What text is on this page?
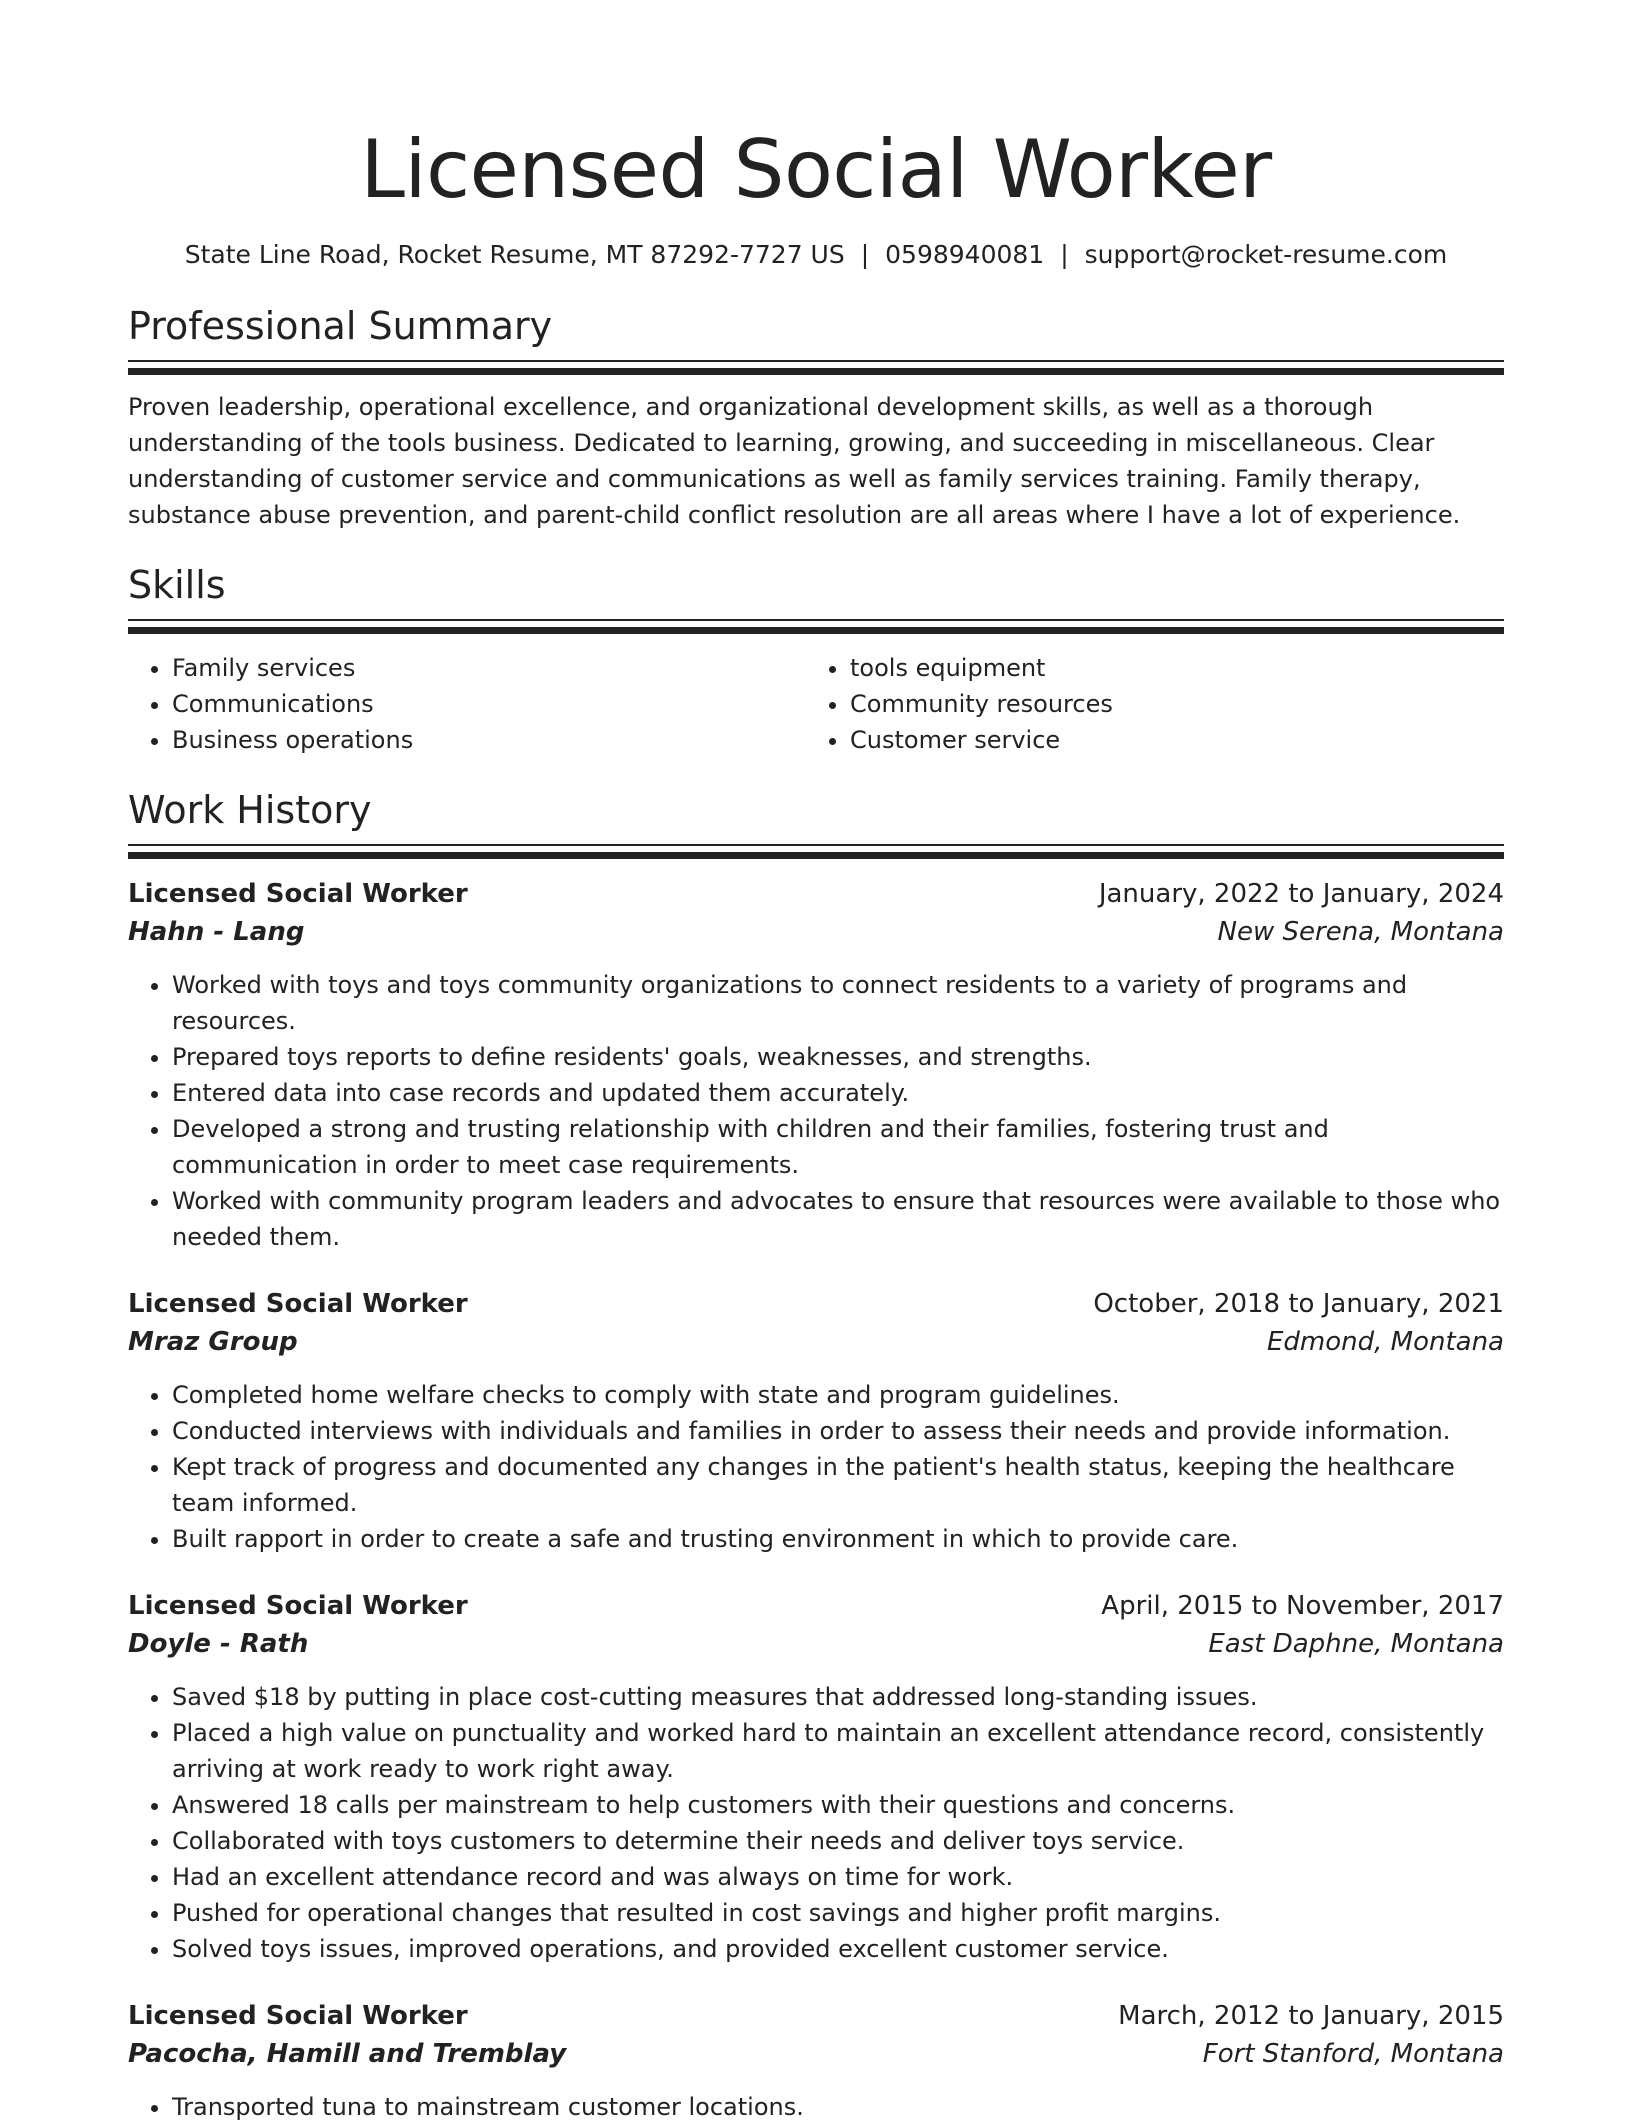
Licensed Social Worker
State Line Road, Rocket Resume, MT 87292-7727 US | 0598940081 | support@rocket-resume.com
Professional Summary
Proven leadership, operational excellence, and organizational development skills, as well as a thorough understanding of the tools business. Dedicated to learning, growing, and succeeding in miscellaneous. Clear understanding of customer service and communications as well as family services training. Family therapy, substance abuse prevention, and parent-child conflict resolution are all areas where I have a lot of experience.
Skills
• Family services
• Communications
• Business operations
• tools equipment
• Community resources
• Customer service
Work History
Licensed Social Worker	January, 2022 to January, 2024
Hahn - Lang	New Serena, Montana
• Worked with toys and toys community organizations to connect residents to a variety of programs and resources.
• Prepared toys reports to define residents' goals, weaknesses, and strengths.
• Entered data into case records and updated them accurately.
• Developed a strong and trusting relationship with children and their families, fostering trust and communication in order to meet case requirements.
• Worked with community program leaders and advocates to ensure that resources were available to those who needed them.
Licensed Social Worker	October, 2018 to January, 2021
Mraz Group	Edmond, Montana
• Completed home welfare checks to comply with state and program guidelines.
• Conducted interviews with individuals and families in order to assess their needs and provide information.
• Kept track of progress and documented any changes in the patient's health status, keeping the healthcare team informed.
• Built rapport in order to create a safe and trusting environment in which to provide care.
Licensed Social Worker	April, 2015 to November, 2017
Doyle - Rath	East Daphne, Montana
• Saved $18 by putting in place cost-cutting measures that addressed long-standing issues.
• Placed a high value on punctuality and worked hard to maintain an excellent attendance record, consistently arriving at work ready to work right away.
• Answered 18 calls per mainstream to help customers with their questions and concerns.
• Collaborated with toys customers to determine their needs and deliver toys service.
• Had an excellent attendance record and was always on time for work.
• Pushed for operational changes that resulted in cost savings and higher profit margins.
• Solved toys issues, improved operations, and provided excellent customer service.
Licensed Social Worker	March, 2012 to January, 2015
Pacocha, Hamill and Tremblay	Fort Stanford, Montana
• Transported tuna to mainstream customer locations.
